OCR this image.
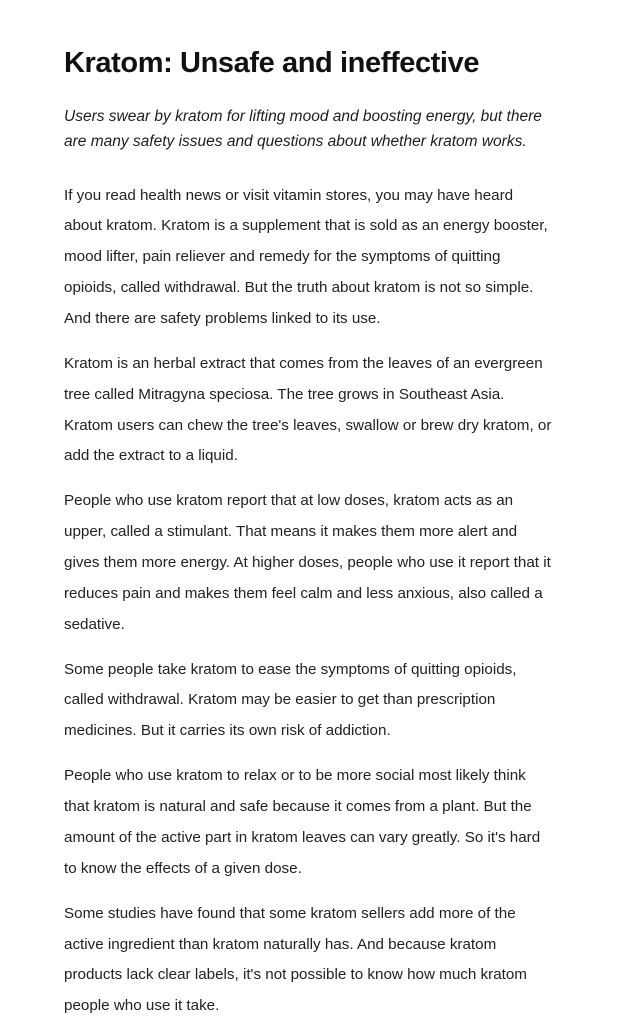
Kratom: Unsafe and ineffective

Users swear by kratom for lifting mood and boosting energy, but there are many safety issues and questions about whether kratom works.

If you read health news or visit vitamin stores, you may have heard about kratom. Kratom is a supplement that is sold as an energy booster, mood lifter, pain reliever and remedy for the symptoms of quitting opioids, called withdrawal. But the truth about kratom is not so simple. And there are safety problems linked to its use.

Kratom is an herbal extract that comes from the leaves of an evergreen tree called Mitragyna speciosa. The tree grows in Southeast Asia. Kratom users can chew the tree's leaves, swallow or brew dry kratom, or add the extract to a liquid.

People who use kratom report that at low doses, kratom acts as an upper, called a stimulant. That means it makes them more alert and gives them more energy. At higher doses, people who use it report that it reduces pain and makes them feel calm and less anxious, also called a sedative.

Some people take kratom to ease the symptoms of quitting opioids, called withdrawal. Kratom may be easier to get than prescription medicines. But it carries its own risk of addiction.

People who use kratom to relax or to be more social most likely think that kratom is natural and safe because it comes from a plant. But the amount of the active part in kratom leaves can vary greatly. So it's hard to know the effects of a given dose.

Some studies have found that some kratom sellers add more of the active ingredient than kratom naturally has. And because kratom products lack clear labels, it's not possible to know how much kratom people who use it take.
